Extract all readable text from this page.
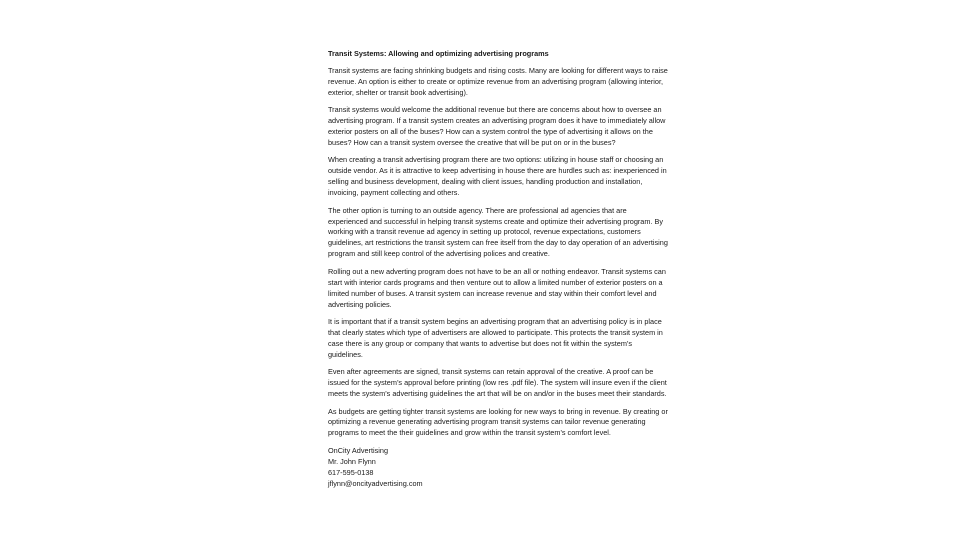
Transit Systems: Allowing and optimizing advertising programs

Transit systems are facing shrinking budgets and rising costs. Many are looking for different ways to raise revenue. An option is either to create or optimize revenue from an advertising program (allowing interior, exterior, shelter or transit book advertising).

Transit systems would welcome the additional revenue but there are concerns about how to oversee an advertising program. If a transit system creates an advertising program does it have to immediately allow exterior posters on all of the buses? How can a system control the type of advertising it allows on the buses? How can a transit system oversee the creative that will be put on or in the buses?

When creating a transit advertising program there are two options: utilizing in house staff or choosing an outside vendor. As it is attractive to keep advertising in house there are hurdles such as: inexperienced in selling and business development, dealing with client issues, handling production and installation, invoicing, payment collecting and others.

The other option is turning to an outside agency. There are professional ad agencies that are experienced and successful in helping transit systems create and optimize their advertising program. By working with a transit revenue ad agency in setting up protocol, revenue expectations, customers guidelines, art restrictions the transit system can free itself from the day to day operation of an advertising program and still keep control of the advertising polices and creative.

Rolling out a new adverting program does not have to be an all or nothing endeavor. Transit systems can start with interior cards programs and then venture out to allow a limited number of exterior posters on a limited number of buses. A transit system can increase revenue and stay within their comfort level and advertising policies.

It is important that if a transit system begins an advertising program that an advertising policy is in place that clearly states which type of advertisers are allowed to participate. This protects the transit system in case there is any group or company that wants to advertise but does not fit within the system’s guidelines.

Even after agreements are signed, transit systems can retain approval of the creative. A proof can be issued for the system’s approval before printing (low res .pdf file). The system will insure even if the client meets the system’s advertising guidelines the art that will be on and/or in the buses meet their standards.

As budgets are getting tighter transit systems are looking for new ways to bring in revenue. By creating or optimizing a revenue generating advertising program transit systems can tailor revenue generating programs to meet the their guidelines and grow within the transit system’s comfort level.

OnCity Advertising
Mr. John Flynn
617-595-0138
jflynn@oncityadvertising.com
